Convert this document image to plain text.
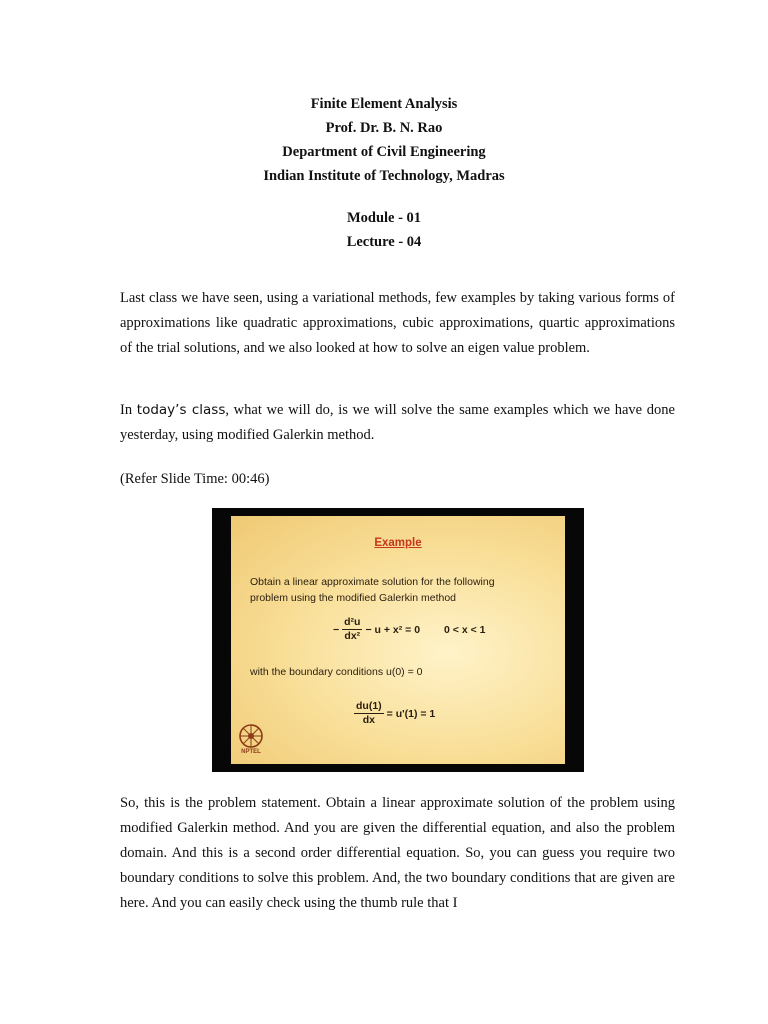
Finite Element Analysis
Prof. Dr. B. N. Rao
Department of Civil Engineering
Indian Institute of Technology, Madras
Module - 01
Lecture - 04
Last class we have seen, using a variational methods, few examples by taking various forms of approximations like quadratic approximations, cubic approximations, quartic approximations of the trial solutions, and we also looked at how to solve an eigen value problem.
In today’s class, what we will do, is we will solve the same examples which we have done yesterday, using modified Galerkin method.
(Refer Slide Time: 00:46)
Example
Obtain a linear approximate solution for the following
problem using the modified Galerkin method
− $\frac{\text{d²u}}{\text{dx²}} - u + x^2 = 0$ 0 < x < 1
with the boundary conditions u(0) = 0
$\frac{du(1)}{dx} = u'(1) = 1$
NPTEL
So, this is the problem statement. Obtain a linear approximate solution of the problem using modified Galerkin method. And you are given the differential equation, and also the problem domain. And this is a second order differential equation. So, you can guess you require two boundary conditions to solve this problem. And, the two boundary conditions that are given are here. And you can easily check using the thumb rule that I
